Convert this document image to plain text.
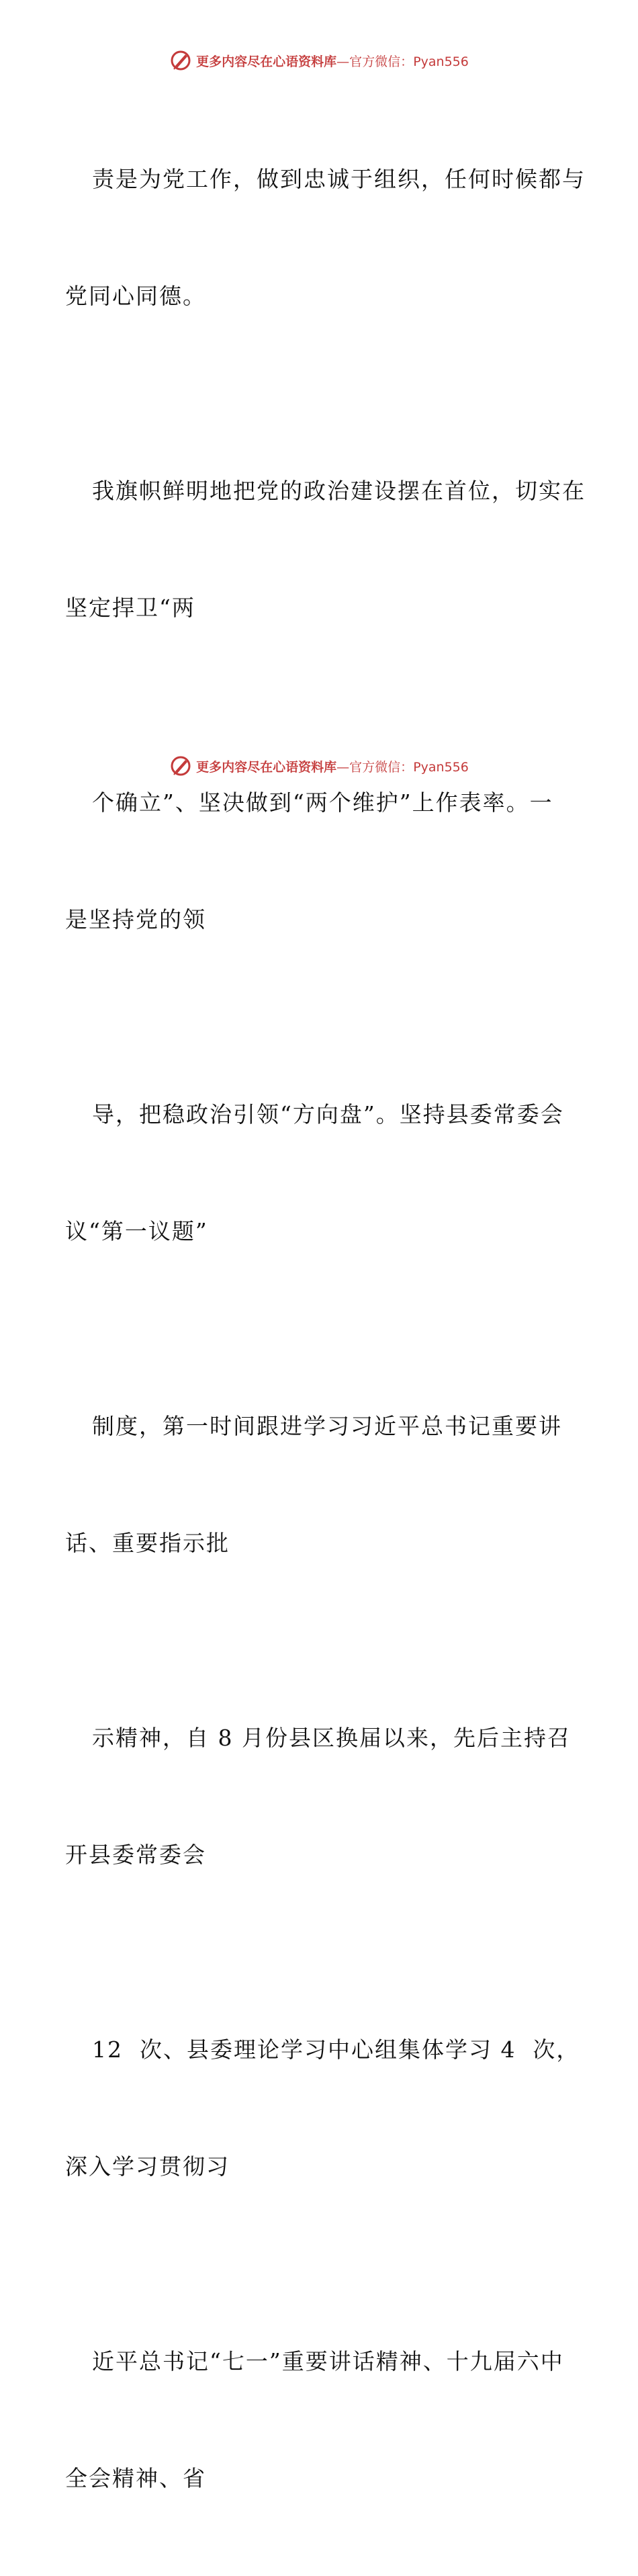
更多内容尽在心语资料库—官方微信：Pyan556

责是为党工作，做到忠诚于组织，任何时候都与

党同心同德。

我旗帜鲜明地把党的政治建设摆在首位，切实在

坚定捍卫“两

个确立”、坚决做到“两个维护”上作表率。一

是坚持党的领

导，把稳政治引领“方向盘”。坚持县委常委会

议“第一议题”

制度，第一时间跟进学习习近平总书记重要讲

话、重要指示批

示精神，自 8 月份县区换届以来，先后主持召

开县委常委会

12  次、县委理论学习中心组集体学习 4  次，

深入学习贯彻习

近平总书记“七一”重要讲话精神、十九届六中

全会精神、省

更多内容尽在心语资料库—官方微信：Pyan556
